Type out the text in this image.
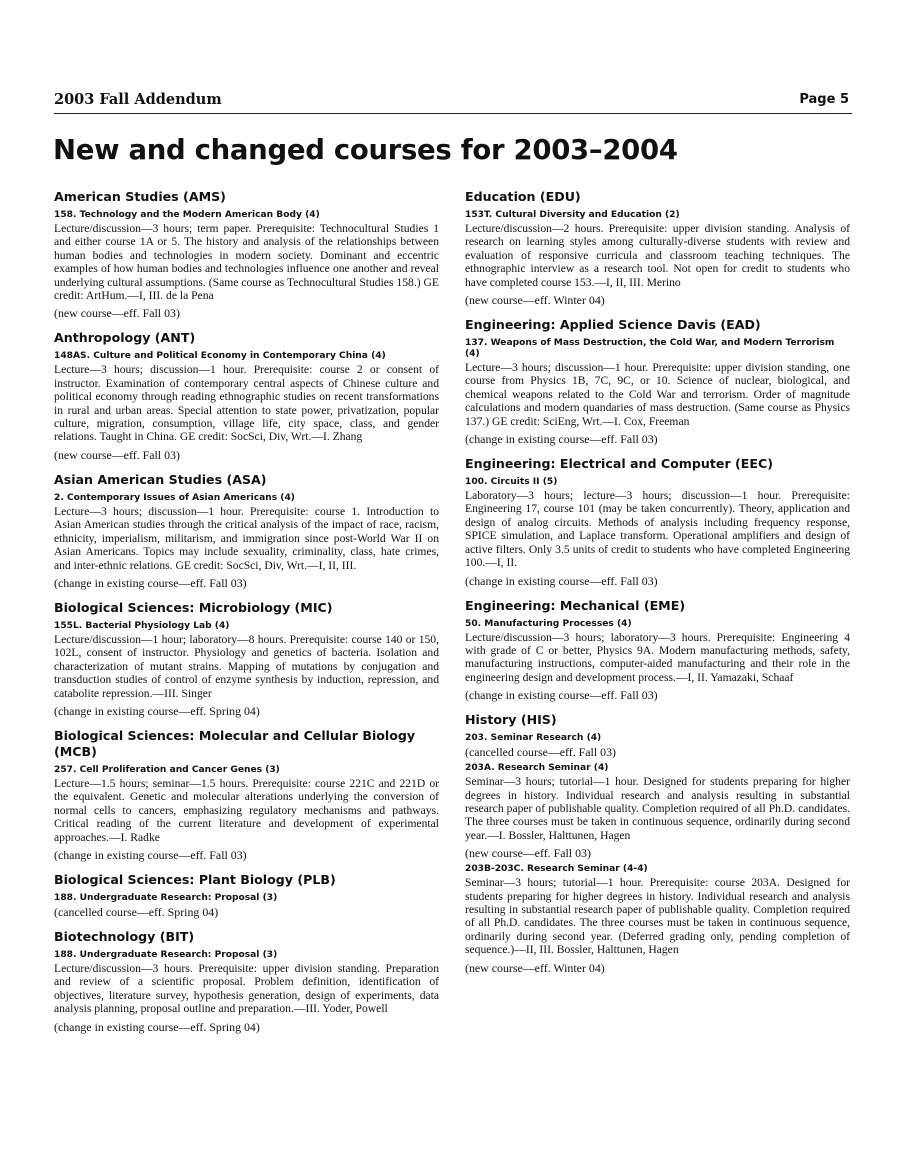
2003 Fall Addendum	Page 5
New and changed courses for 2003–2004
American Studies (AMS)
158. Technology and the Modern American Body (4)

Lecture/discussion—3 hours; term paper. Prerequisite: Technocultural Studies 1 and either course 1A or 5. The history and analysis of the relationships between human bodies and technologies in modern society. Dominant and eccentric examples of how human bodies and technologies influence one another and reveal underlying cultural assumptions. (Same course as Technocultural Studies 158.) GE credit: ArtHum.—I, III. de la Pena

(new course—eff. Fall 03)

Anthropology (ANT)
148AS. Culture and Political Economy in Contemporary China (4)

Lecture—3 hours; discussion—1 hour. Prerequisite: course 2 or consent of instructor. Examination of contemporary central aspects of Chinese culture and political economy through reading ethnographic studies on recent transformations in rural and urban areas. Special attention to state power, privatization, popular culture, migration, consumption, village life, city space, class, and gender relations. Taught in China. GE credit: SocSci, Div, Wrt.—I. Zhang

(new course—eff. Fall 03)

Asian American Studies (ASA)
2. Contemporary Issues of Asian Americans (4)

Lecture—3 hours; discussion—1 hour. Prerequisite: course 1. Introduction to Asian American studies through the critical analysis of the impact of race, racism, ethnicity, imperialism, militarism, and immigration since post-World War II on Asian Americans. Topics may include sexuality, criminality, class, hate crimes, and inter-ethnic relations. GE credit: SocSci, Div, Wrt.—I, II, III.

(change in existing course—eff. Fall 03)

Biological Sciences: Microbiology (MIC)
155L. Bacterial Physiology Lab (4)

Lecture/discussion—1 hour; laboratory—8 hours. Prerequisite: course 140 or 150, 102L, consent of instructor. Physiology and genetics of bacteria. Isolation and characterization of mutant strains. Mapping of mutations by conjugation and transduction studies of control of enzyme synthesis by induction, repression, and catabolite repression.—III. Singer

(change in existing course—eff. Spring 04)

Biological Sciences: Molecular and Cellular Biology (MCB)
257. Cell Proliferation and Cancer Genes (3)

Lecture—1.5 hours; seminar—1.5 hours. Prerequisite: course 221C and 221D or the equivalent. Genetic and molecular alterations underlying the conversion of normal cells to cancers, emphasizing regulatory mechanisms and pathways. Critical reading of the current literature and development of experimental approaches.—I. Radke

(change in existing course—eff. Fall 03)

Biological Sciences: Plant Biology (PLB)
188. Undergraduate Research: Proposal (3)

(cancelled course—eff. Spring 04)

Biotechnology (BIT)
188. Undergraduate Research: Proposal (3)

Lecture/discussion—3 hours. Prerequisite: upper division standing. Preparation and review of a scientific proposal. Problem definition, identification of objectives, literature survey, hypothesis generation, design of experiments, data analysis planning, proposal outline and preparation.—III. Yoder, Powell

(change in existing course—eff. Spring 04)

Education (EDU)
153T. Cultural Diversity and Education (2)

Lecture/discussion—2 hours. Prerequisite: upper division standing. Analysis of research on learning styles among culturally-diverse students with review and evaluation of responsive curricula and classroom teaching techniques. The ethnographic interview as a research tool. Not open for credit to students who have completed course 153.—I, II, III. Merino

(new course—eff. Winter 04)

Engineering: Applied Science Davis (EAD)
137. Weapons of Mass Destruction, the Cold War, and Modern Terrorism (4)

Lecture—3 hours; discussion—1 hour. Prerequisite: upper division standing, one course from Physics 1B, 7C, 9C, or 10. Science of nuclear, biological, and chemical weapons related to the Cold War and terrorism. Order of magnitude calculations and modern quandaries of mass destruction. (Same course as Physics 137.) GE credit: SciEng, Wrt.—I. Cox, Freeman

(change in existing course—eff. Fall 03)

Engineering: Electrical and Computer (EEC)
100. Circuits II (5)

Laboratory—3 hours; lecture—3 hours; discussion—1 hour. Prerequisite: Engineering 17, course 101 (may be taken concurrently). Theory, application and design of analog circuits. Methods of analysis including frequency response, SPICE simulation, and Laplace transform. Operational amplifiers and design of active filters. Only 3.5 units of credit to students who have completed Engineering 100.—I, II.

(change in existing course—eff. Fall 03)

Engineering: Mechanical (EME)
50. Manufacturing Processes (4)

Lecture/discussion—3 hours; laboratory—3 hours. Prerequisite: Engineering 4 with grade of C or better, Physics 9A. Modern manufacturing methods, safety, manufacturing instructions, computer-aided manufacturing and their role in the engineering design and development process.—I, II. Yamazaki, Schaaf

(change in existing course—eff. Fall 03)

History (HIS)
203. Seminar Research (4)

(cancelled course—eff. Fall 03)

203A. Research Seminar (4)

Seminar—3 hours; tutorial—1 hour. Designed for students preparing for higher degrees in history. Individual research and analysis resulting in substantial research paper of publishable quality. Completion required of all Ph.D. candidates. The three courses must be taken in continuous sequence, ordinarily during second year.—I. Bossler, Halttunen, Hagen

(new course—eff. Fall 03)

203B-203C. Research Seminar (4-4)

Seminar—3 hours; tutorial—1 hour. Prerequisite: course 203A. Designed for students preparing for higher degrees in history. Individual research and analysis resulting in substantial research paper of publishable quality. Completion required of all Ph.D. candidates. The three courses must be taken in continuous sequence, ordinarily during second year. (Deferred grading only, pending completion of sequence.)—II, III. Bossler, Halttunen, Hagen

(new course—eff. Winter 04)
